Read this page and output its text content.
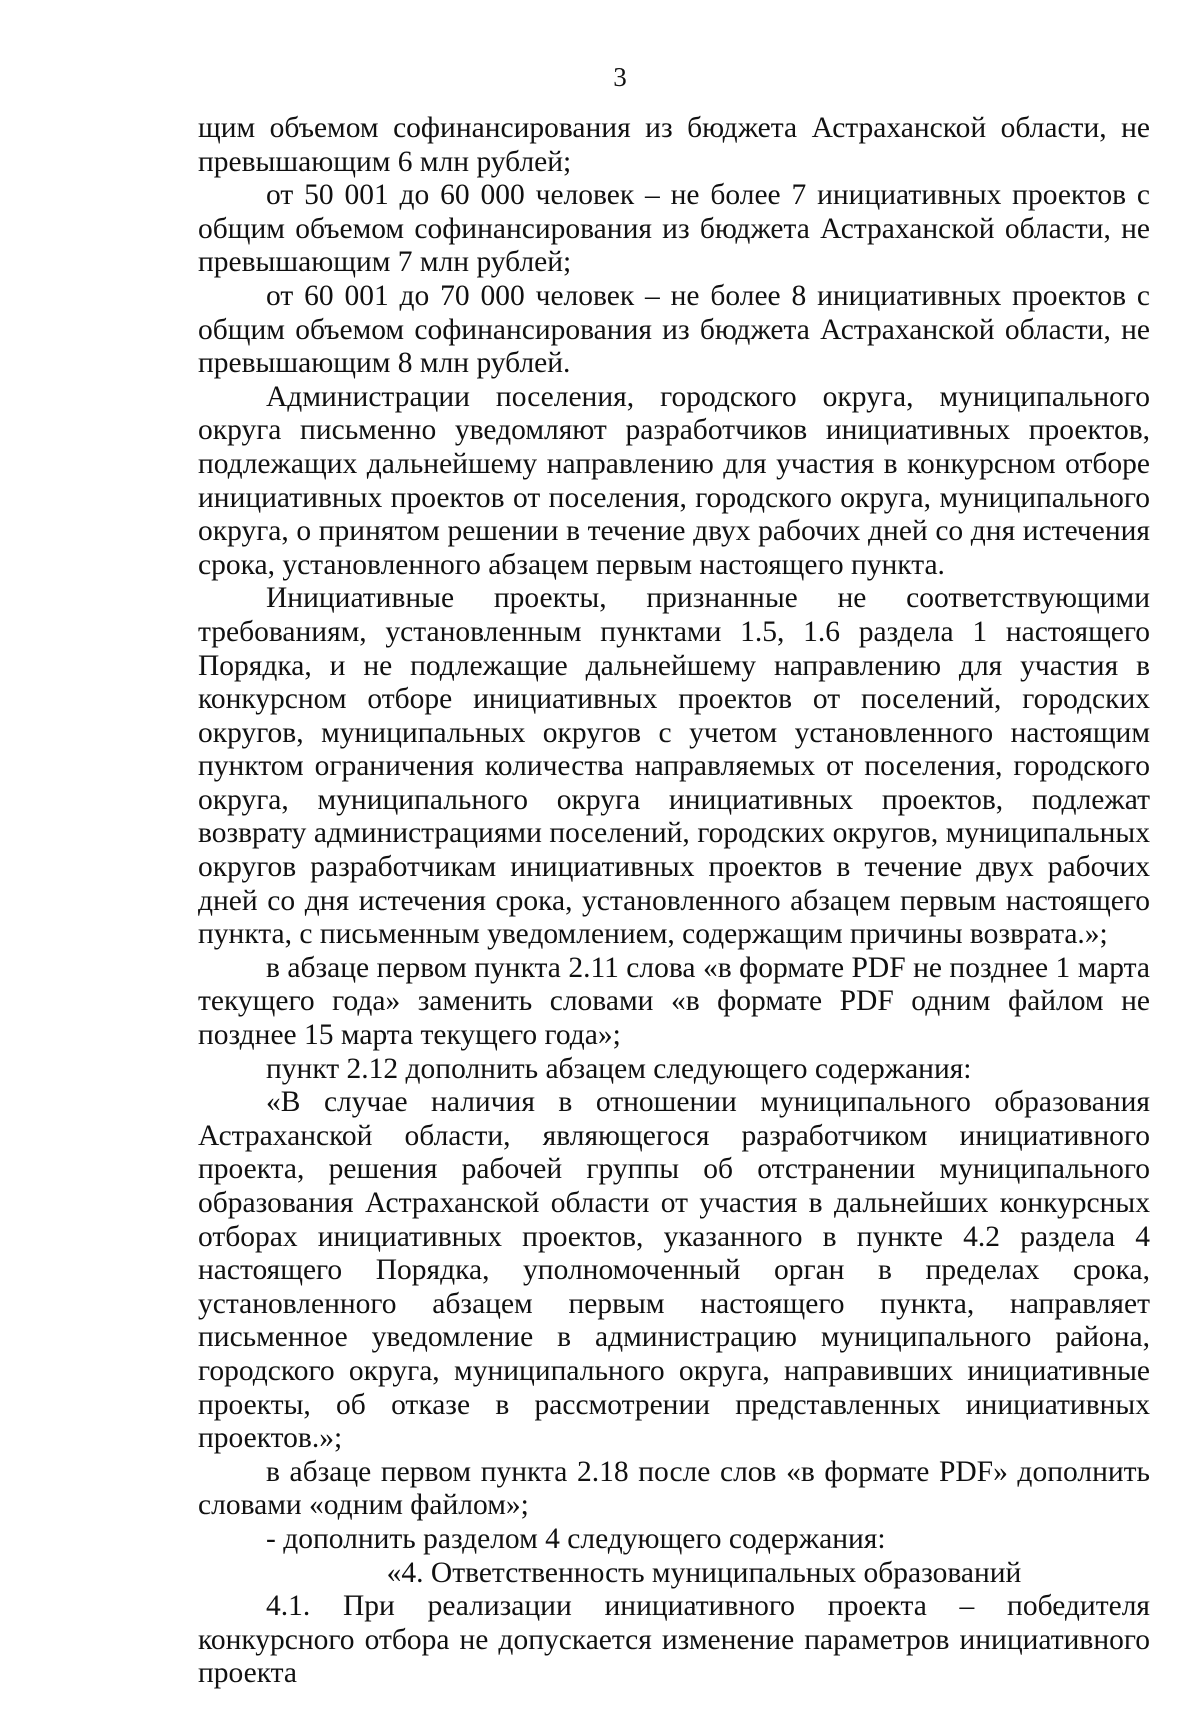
3

щим объемом софинансирования из бюджета Астраханской области, не превышающим 6 млн рублей;

от 50 001 до 60 000 человек – не более 7 инициативных проектов с общим объемом софинансирования из бюджета Астраханской области, не превышающим 7 млн рублей;

от 60 001 до 70 000 человек – не более 8 инициативных проектов с общим объемом софинансирования из бюджета Астраханской области, не превышающим 8 млн рублей.

Администрации поселения, городского округа, муниципального округа письменно уведомляют разработчиков инициативных проектов, подлежащих дальнейшему направлению для участия в конкурсном отборе инициативных проектов от поселения, городского округа, муниципального округа, о принятом решении в течение двух рабочих дней со дня истечения срока, установленного абзацем первым настоящего пункта.

Инициативные проекты, признанные не соответствующими требованиям, установленным пунктами 1.5, 1.6 раздела 1 настоящего Порядка, и не подлежащие дальнейшему направлению для участия в конкурсном отборе инициативных проектов от поселений, городских округов, муниципальных округов с учетом установленного настоящим пунктом ограничения количества направляемых от поселения, городского округа, муниципального округа инициативных проектов, подлежат возврату администрациями поселений, городских округов, муниципальных округов разработчикам инициативных проектов в течение двух рабочих дней со дня истечения срока, установленного абзацем первым настоящего пункта, с письменным уведомлением, содержащим причины возврата.»;

в абзаце первом пункта 2.11 слова «в формате PDF не позднее 1 марта текущего года» заменить словами «в формате PDF одним файлом не позднее 15 марта текущего года»;

пункт 2.12 дополнить абзацем следующего содержания:

«В случае наличия в отношении муниципального образования Астраханской области, являющегося разработчиком инициативного проекта, решения рабочей группы об отстранении муниципального образования Астраханской области от участия в дальнейших конкурсных отборах инициативных проектов, указанного в пункте 4.2 раздела 4 настоящего Порядка, уполномоченный орган в пределах срока, установленного абзацем первым настоящего пункта, направляет письменное уведомление в администрацию муниципального района, городского округа, муниципального округа, направивших инициативные проекты, об отказе в рассмотрении представленных инициативных проектов.»;

в абзаце первом пункта 2.18 после слов «в формате PDF» дополнить словами «одним файлом»;

- дополнить разделом 4 следующего содержания:

«4. Ответственность муниципальных образований

4.1. При реализации инициативного проекта – победителя конкурсного отбора не допускается изменение параметров инициативного проекта
